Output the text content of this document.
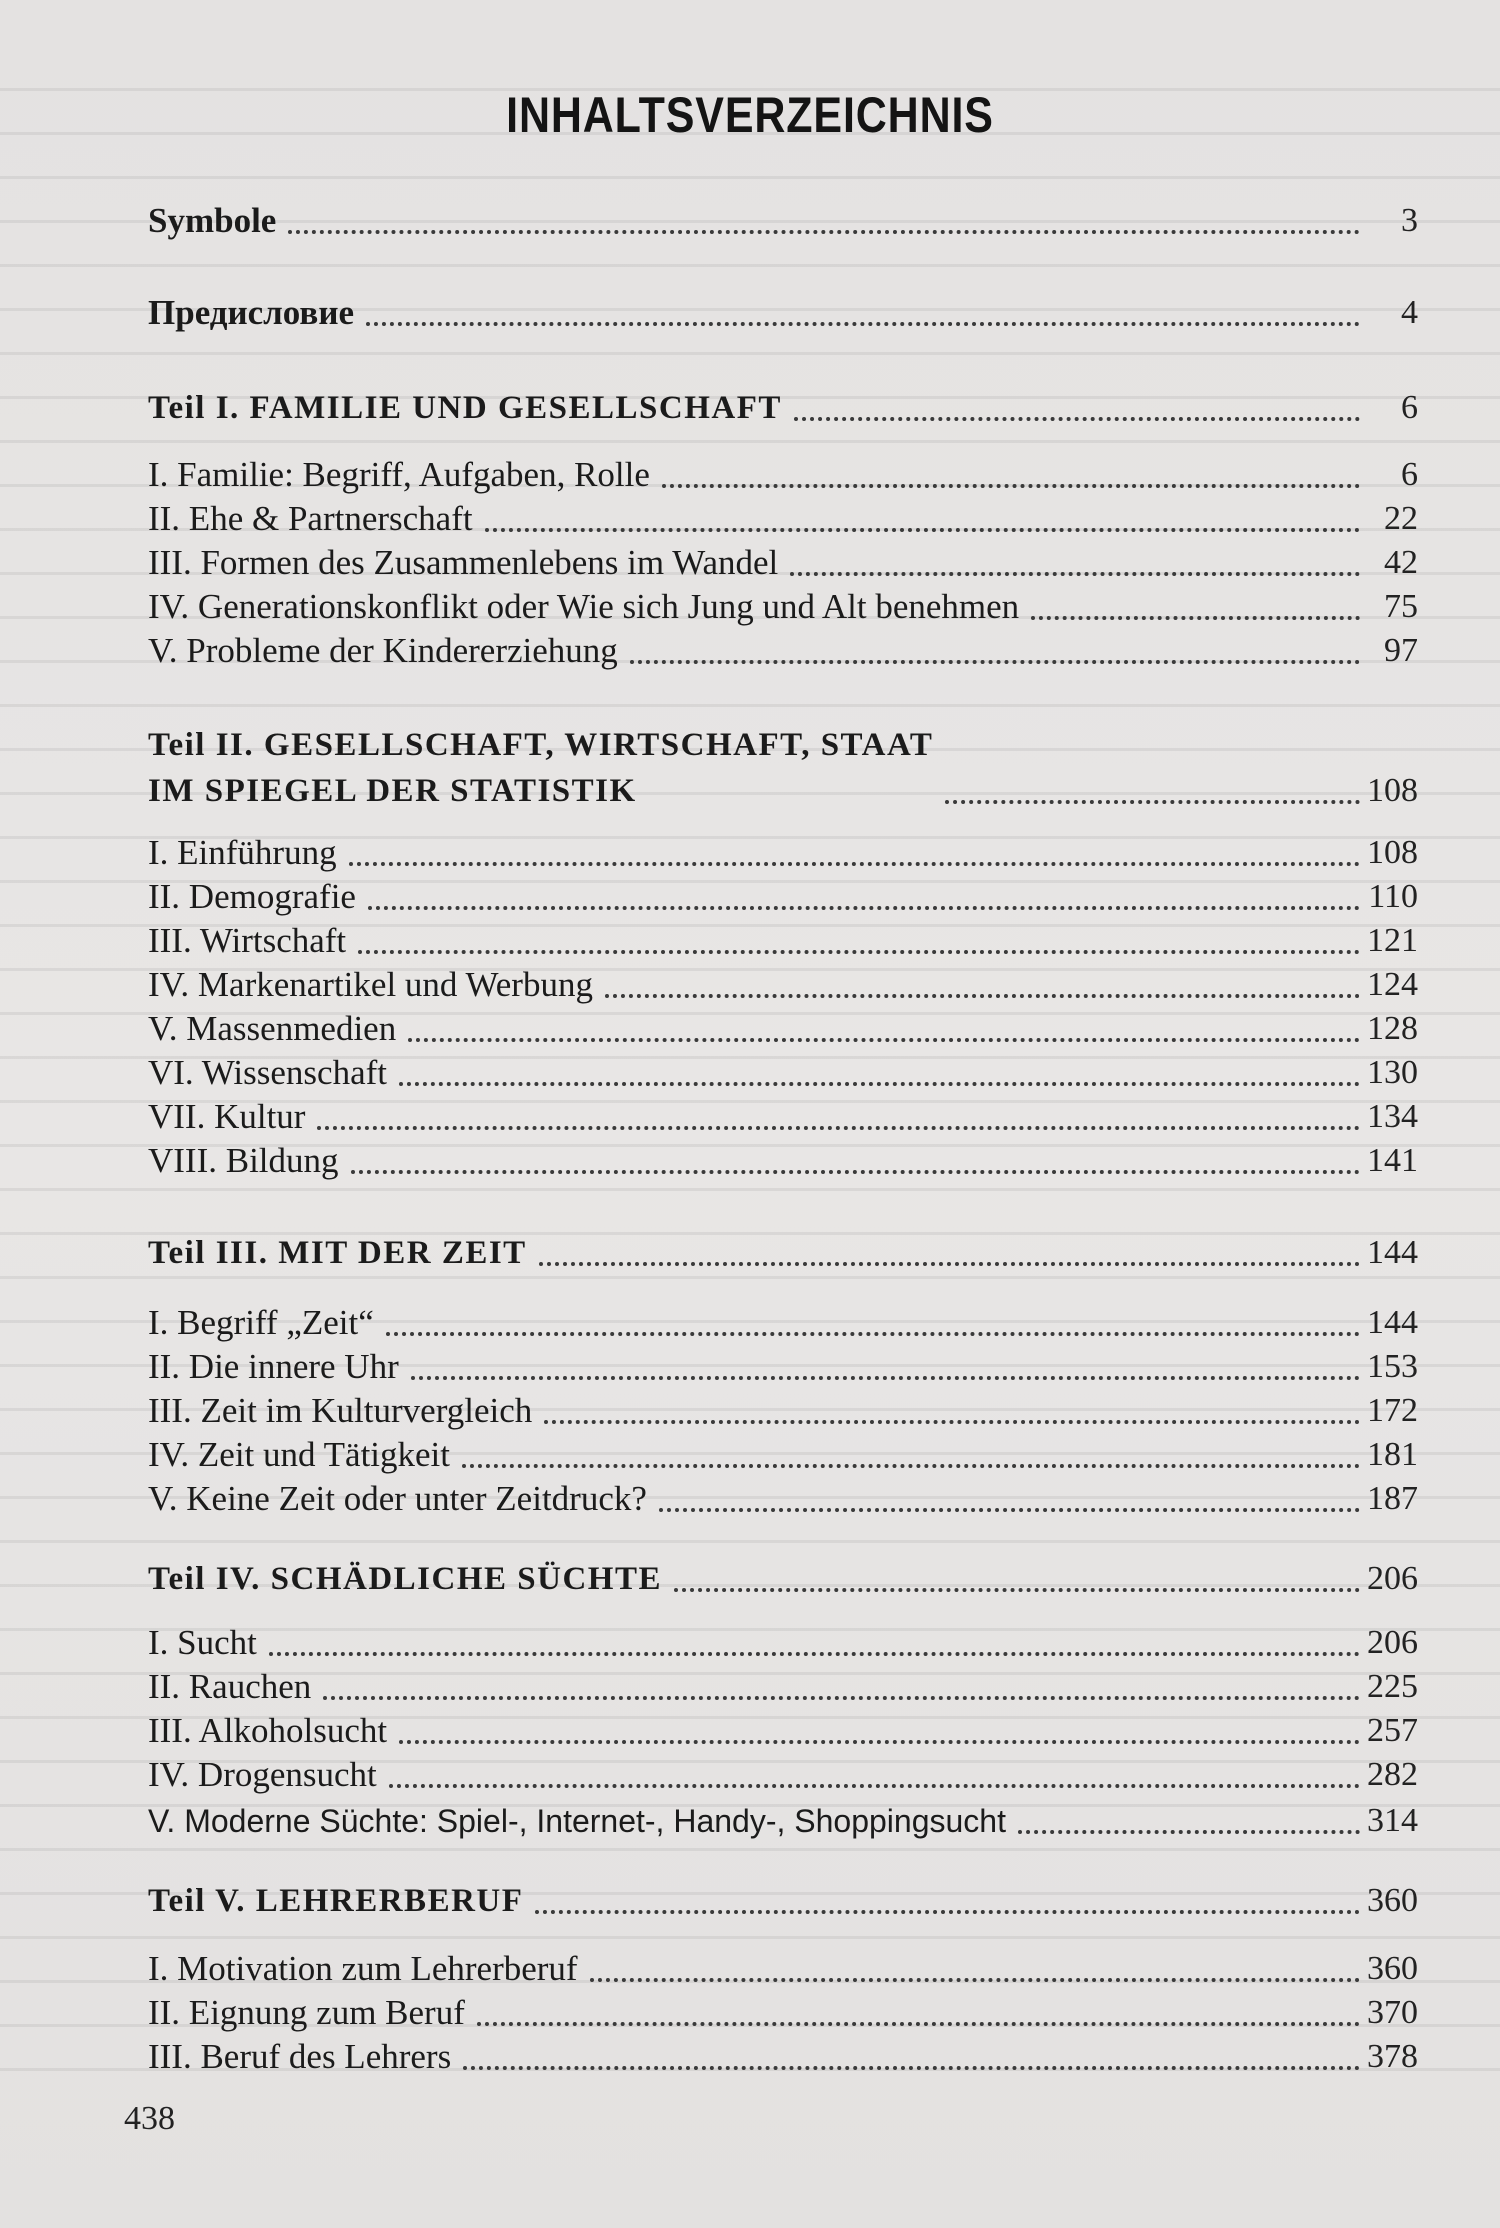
INHALTSVERZEICHNIS
Symbole	3
Предисловие	4
Teil I. FAMILIE UND GESELLSCHAFT	6
I. Familie: Begriff, Aufgaben, Rolle	6
II. Ehe & Partnerschaft	22
III. Formen des Zusammenlebens im Wandel	42
IV. Generationskonflikt oder Wie sich Jung und Alt benehmen	75
V. Probleme der Kindererziehung	97
Teil II. GESELLSCHAFT, WIRTSCHAFT, STAAT
IM SPIEGEL DER STATISTIK	108
I. Einführung	108
II. Demografie	110
III. Wirtschaft	121
IV. Markenartikel und Werbung	124
V. Massenmedien	128
VI. Wissenschaft	130
VII. Kultur	134
VIII. Bildung	141
Teil III. MIT DER ZEIT	144
I. Begriff „Zeit“	144
II. Die innere Uhr	153
III. Zeit im Kulturvergleich	172
IV. Zeit und Tätigkeit	181
V. Keine Zeit oder unter Zeitdruck?	187
Teil IV. SCHÄDLICHE SÜCHTE	206
I. Sucht	206
II. Rauchen	225
III. Alkoholsucht	257
IV. Drogensucht	282
V. Moderne Süchte: Spiel-, Internet-, Handy-, Shoppingsucht	314
Teil V. LEHRERBERUF	360
I. Motivation zum Lehrerberuf	360
II. Eignung zum Beruf	370
III. Beruf des Lehrers	378
438
